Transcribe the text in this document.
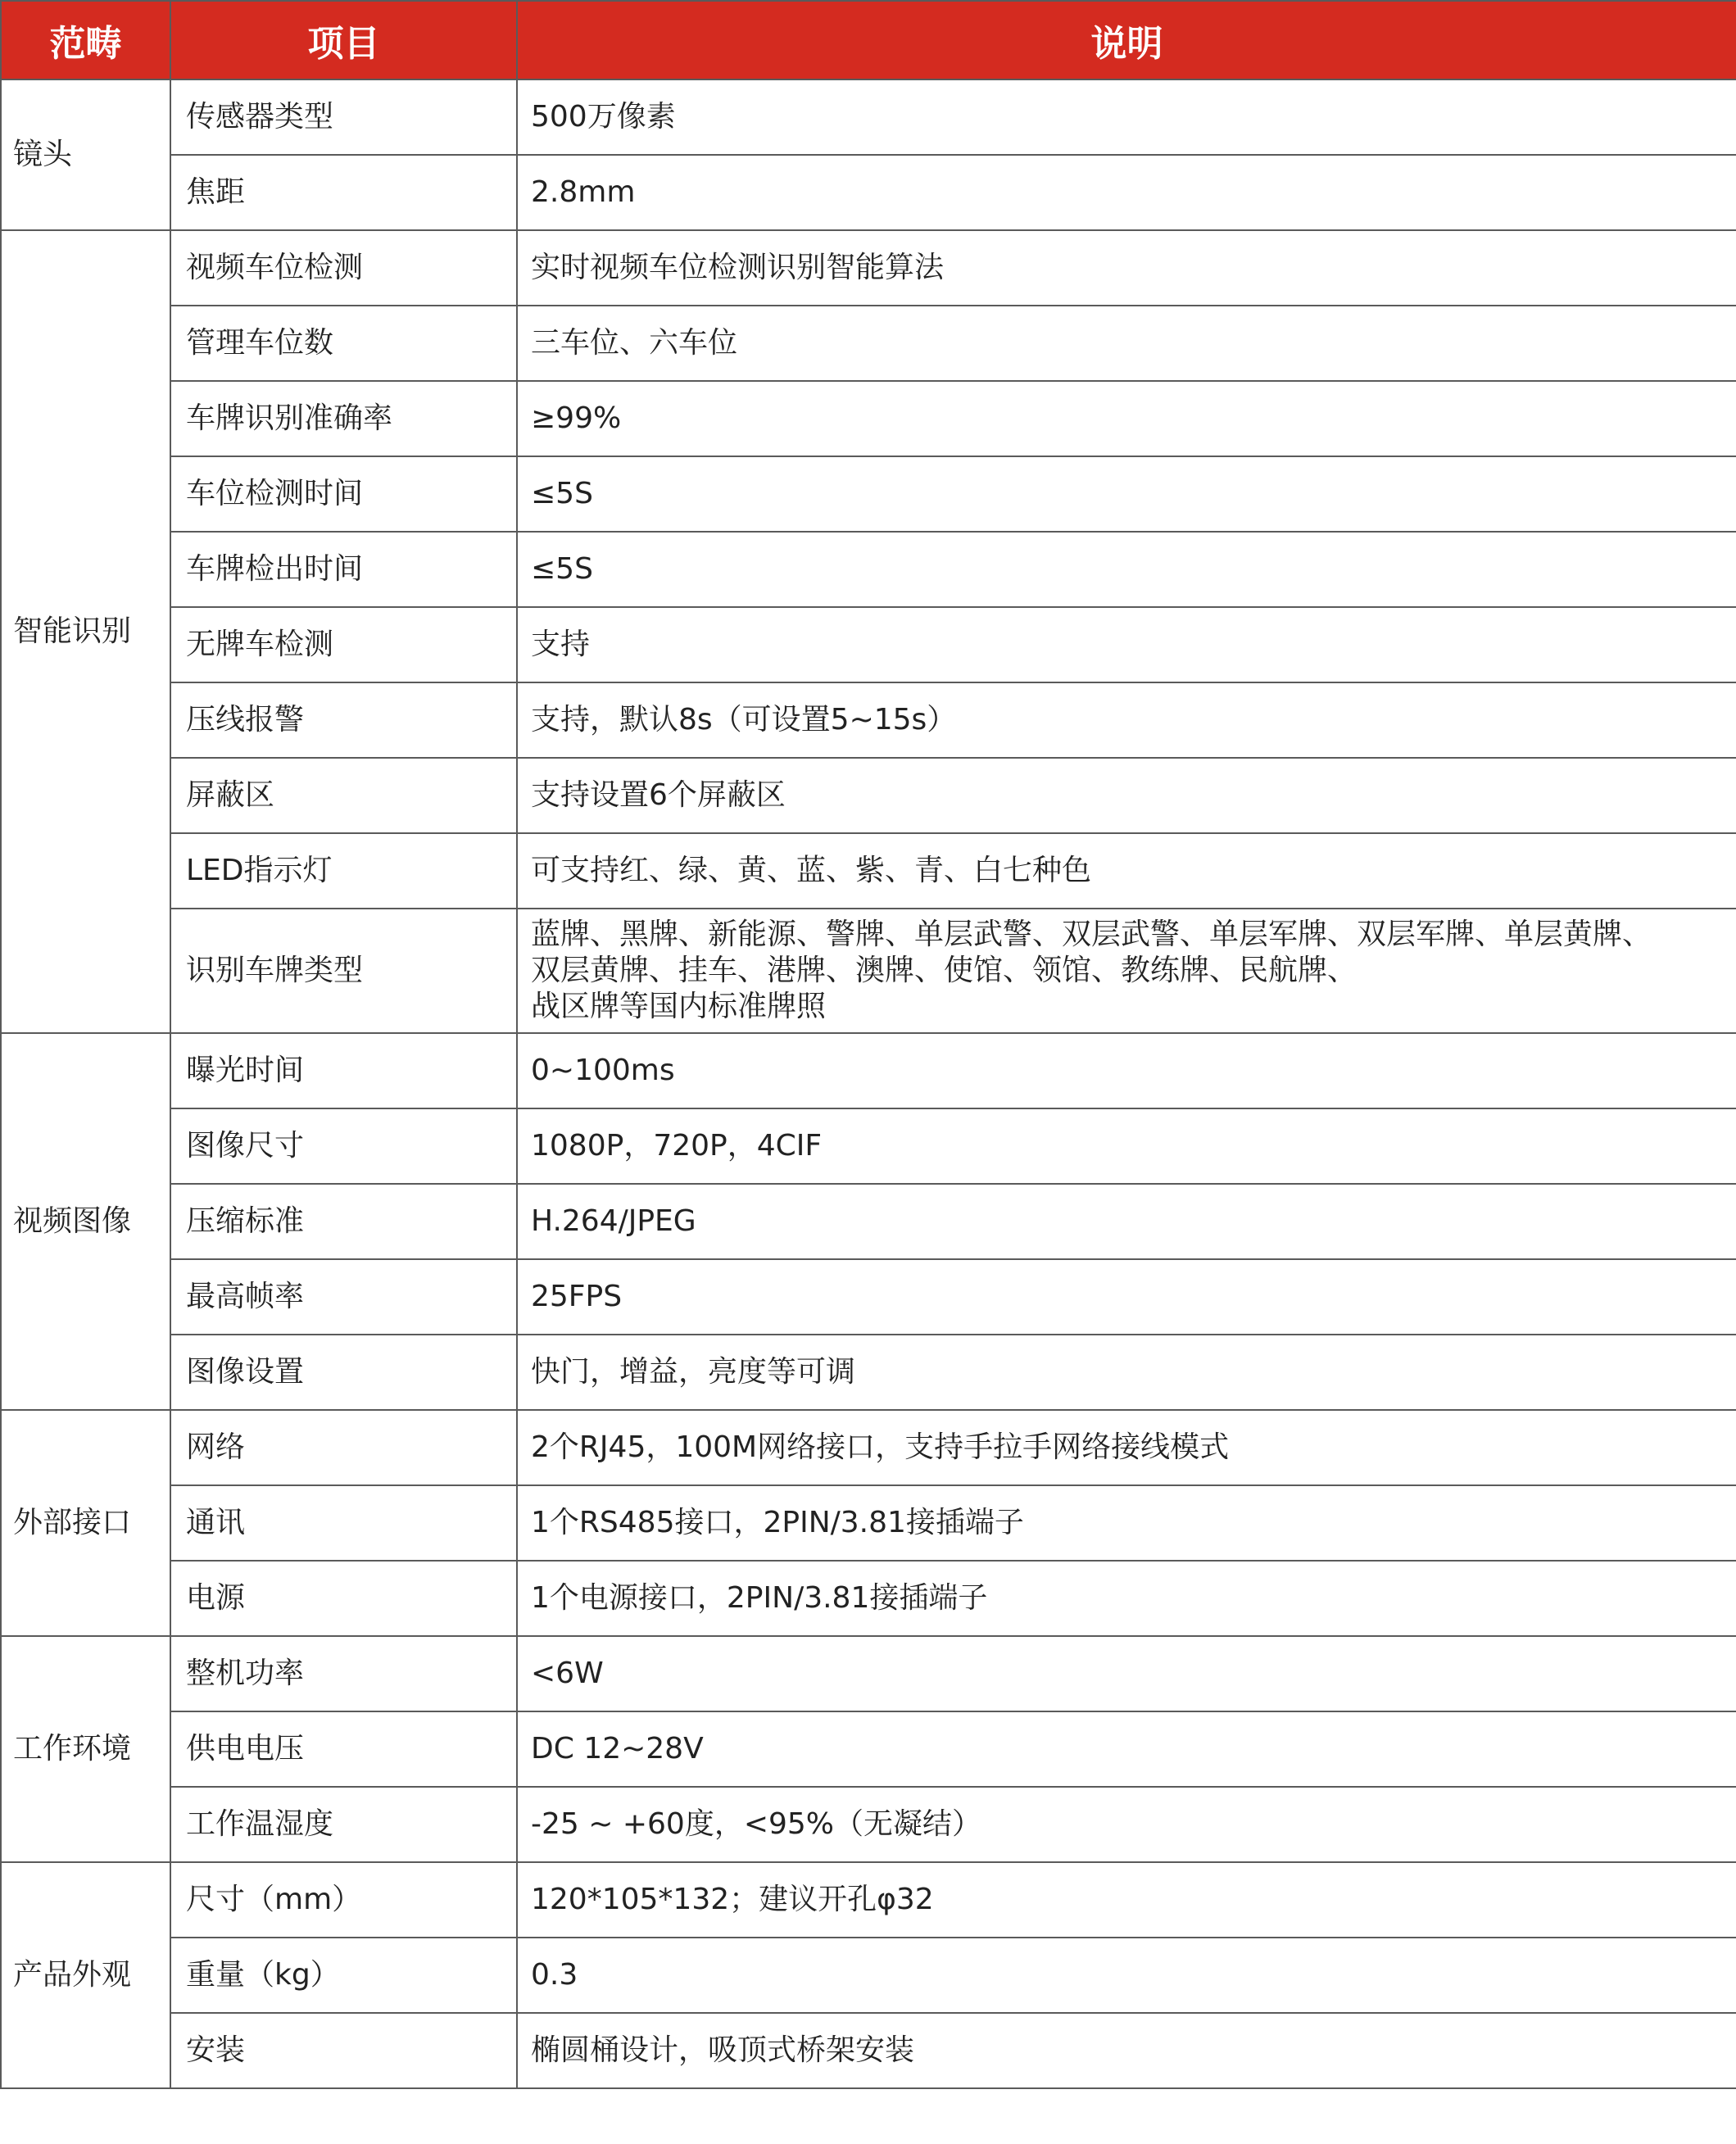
范畴	项目	说明
镜头	传感器类型	500万像素

	焦距	2.8mm

智能识别	视频车位检测	实时视频车位检测识别智能算法

	管理车位数	三车位、六车位

	车牌识别准确率	≥99%

	车位检测时间	≤5S

	车牌检出时间	≤5S

	无牌车检测	支持

	压线报警	支持，默认8s（可设置5~15s）

	屏蔽区	支持设置6个屏蔽区

	LED指示灯	可支持红、绿、黄、蓝、紫、青、白七种色

	识别车牌类型	蓝牌、黑牌、新能源、警牌、单层武警、双层武警、单层军牌、双层军牌、单层黄牌、
双层黄牌、挂车、港牌、澳牌、使馆、领馆、教练牌、民航牌、
战区牌等国内标准牌照

视频图像	曝光时间	0~100ms

	图像尺寸	1080P，720P，4CIF

	压缩标准	H.264/JPEG

	最高帧率	25FPS

	图像设置	快门，增益，亮度等可调

外部接口	网络	2个RJ45，100M网络接口，支持手拉手网络接线模式

	通讯	1个RS485接口，2PIN/3.81接插端子

	电源	1个电源接口，2PIN/3.81接插端子

工作环境	整机功率	<6W

	供电电压	DC 12~28V

	工作温湿度	-25 ~ +60度，<95%（无凝结）

产品外观	尺寸（mm）	120*105*132；建议开孔φ32

	重量（kg）	0.3

	安装	椭圆桶设计，吸顶式桥架安装
